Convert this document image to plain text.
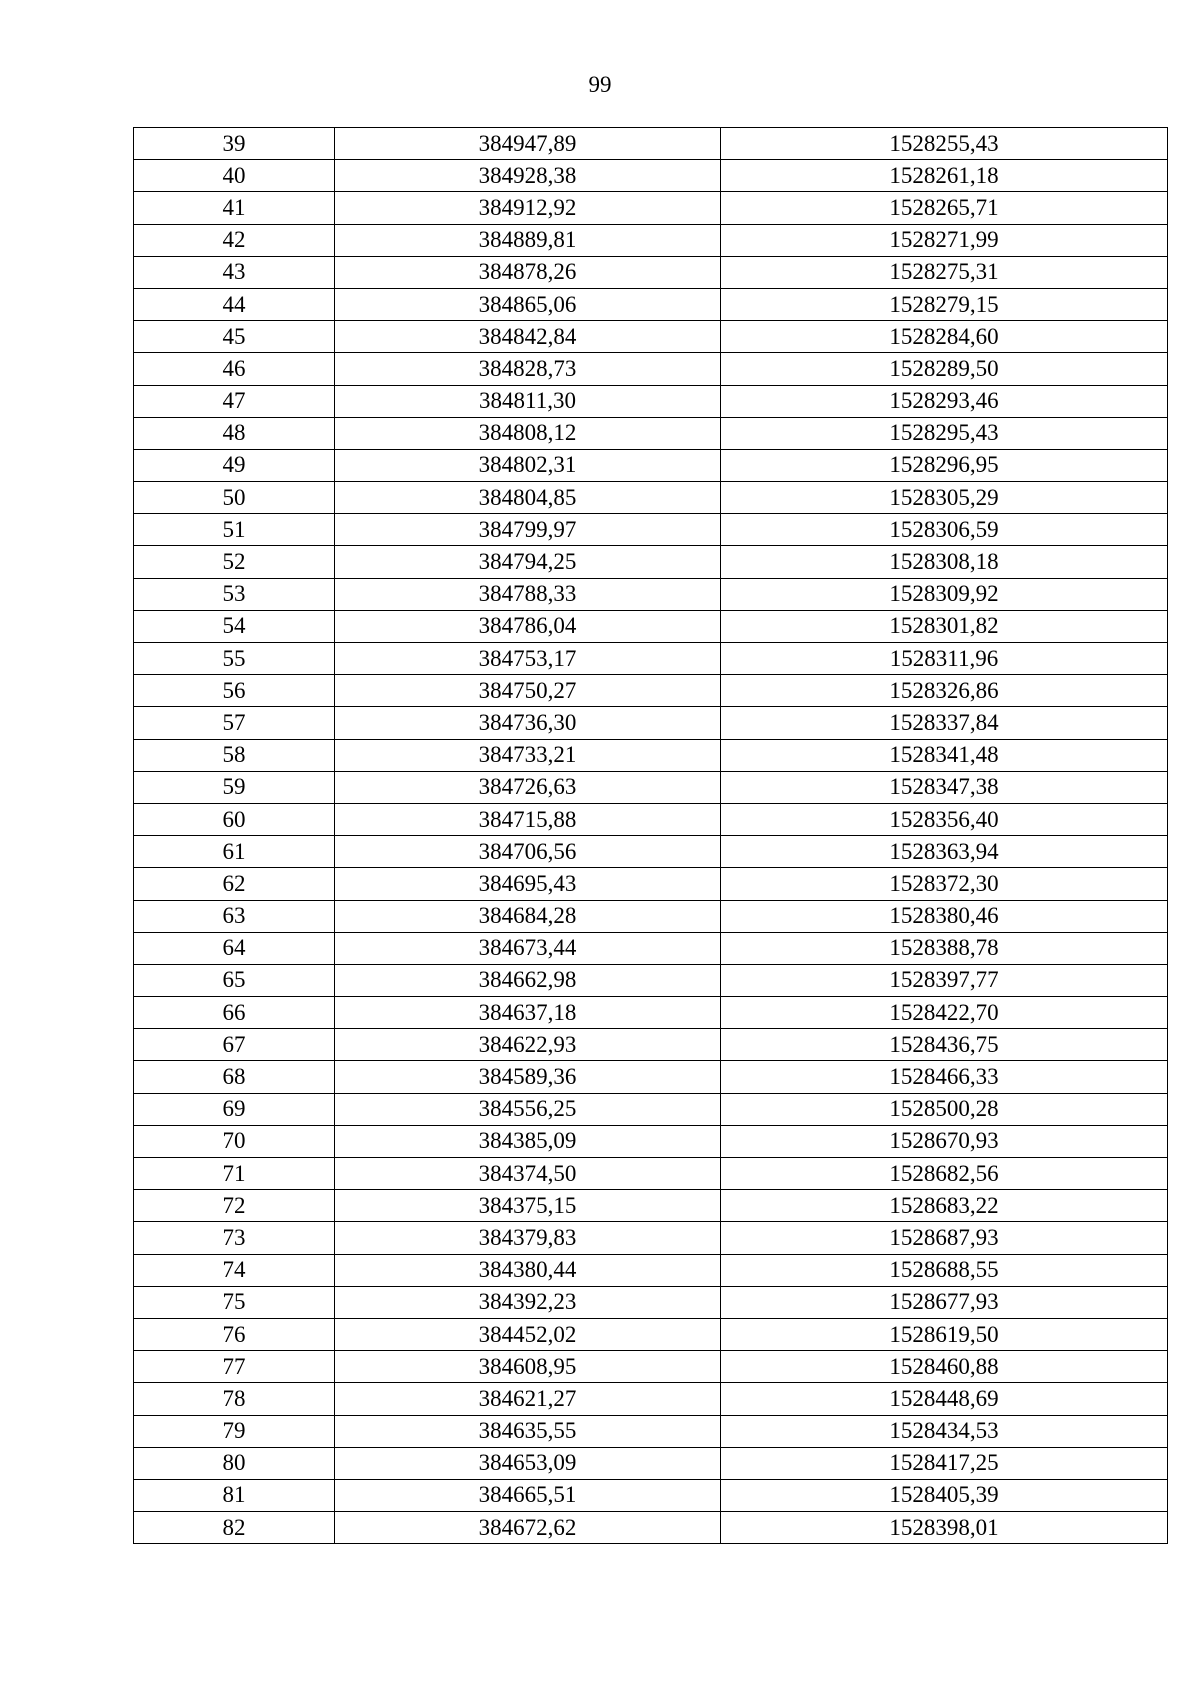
99
39	384947,89	1528255,43
40	384928,38	1528261,18
41	384912,92	1528265,71
42	384889,81	1528271,99
43	384878,26	1528275,31
44	384865,06	1528279,15
45	384842,84	1528284,60
46	384828,73	1528289,50
47	384811,30	1528293,46
48	384808,12	1528295,43
49	384802,31	1528296,95
50	384804,85	1528305,29
51	384799,97	1528306,59
52	384794,25	1528308,18
53	384788,33	1528309,92
54	384786,04	1528301,82
55	384753,17	1528311,96
56	384750,27	1528326,86
57	384736,30	1528337,84
58	384733,21	1528341,48
59	384726,63	1528347,38
60	384715,88	1528356,40
61	384706,56	1528363,94
62	384695,43	1528372,30
63	384684,28	1528380,46
64	384673,44	1528388,78
65	384662,98	1528397,77
66	384637,18	1528422,70
67	384622,93	1528436,75
68	384589,36	1528466,33
69	384556,25	1528500,28
70	384385,09	1528670,93
71	384374,50	1528682,56
72	384375,15	1528683,22
73	384379,83	1528687,93
74	384380,44	1528688,55
75	384392,23	1528677,93
76	384452,02	1528619,50
77	384608,95	1528460,88
78	384621,27	1528448,69
79	384635,55	1528434,53
80	384653,09	1528417,25
81	384665,51	1528405,39
82	384672,62	1528398,01
